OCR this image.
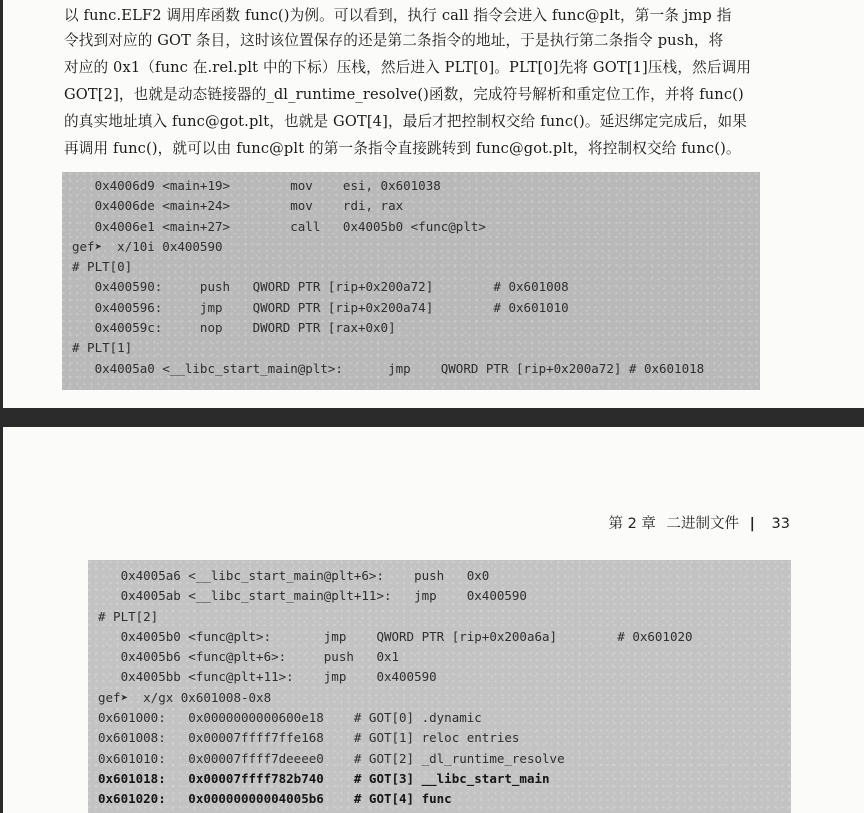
以 func.ELF2 调用库函数 func()为例。可以看到，执行 call 指令会进入 func@plt，第一条 jmp 指
令找到对应的 GOT 条目，这时该位置保存的还是第二条指令的地址，于是执行第二条指令 push，将
对应的 0x1（func 在.rel.plt 中的下标）压栈，然后进入 PLT[0]。PLT[0]先将 GOT[1]压栈，然后调用
GOT[2]，也就是动态链接器的_dl_runtime_resolve()函数，完成符号解析和重定位工作，并将 func()
的真实地址填入 func@got.plt，也就是 GOT[4]，最后才把控制权交给 func()。延迟绑定完成后，如果
再调用 func()，就可以由 func@plt 的第一条指令直接跳转到 func@got.plt，将控制权交给 func()。
0x4006d9 <main+19>        mov    esi, 0x601038
0x4006de <main+24>        mov    rdi, rax
0x4006e1 <main+27>        call   0x4005b0 <func@plt>
gef➤  x/10i 0x400590
# PLT[0]
0x400590:     push   QWORD PTR [rip+0x200a72]        # 0x601008
0x400596:     jmp    QWORD PTR [rip+0x200a74]        # 0x601010
0x40059c:     nop    DWORD PTR [rax+0x0]
# PLT[1]
0x4005a0 <__libc_start_main@plt>:      jmp    QWORD PTR [rip+0x200a72] # 0x601018
第 2 章 二进制文件 | 33
0x4005a6 <__libc_start_main@plt+6>:    push   0x0
0x4005ab <__libc_start_main@plt+11>:   jmp    0x400590
# PLT[2]
0x4005b0 <func@plt>:       jmp    QWORD PTR [rip+0x200a6a]        # 0x601020
0x4005b6 <func@plt+6>:     push   0x1
0x4005bb <func@plt+11>:    jmp    0x400590
gef➤  x/gx 0x601008-0x8
0x601000:   0x0000000000600e18    # GOT[0] .dynamic
0x601008:   0x00007ffff7ffe168    # GOT[1] reloc entries
0x601010:   0x00007ffff7deeee0    # GOT[2] _dl_runtime_resolve
0x601018:   0x00007ffff782b740    # GOT[3] __libc_start_main
0x601020:   0x00000000004005b6    # GOT[4] func
